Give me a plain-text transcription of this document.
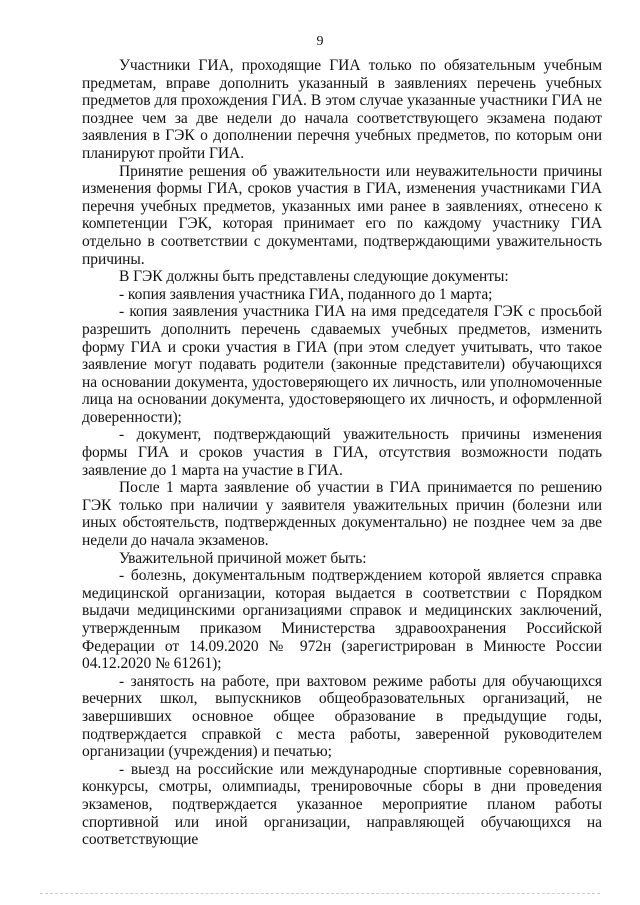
9

Участники ГИА, проходящие ГИА только по обязательным учебным предметам, вправе дополнить указанный в заявлениях перечень учебных предметов для прохождения ГИА. В этом случае указанные участники ГИА не позднее чем за две недели до начала соответствующего экзамена подают заявления в ГЭК о дополнении перечня учебных предметов, по которым они планируют пройти ГИА.

Принятие решения об уважительности или неуважительности причины изменения формы ГИА, сроков участия в ГИА, изменения участниками ГИА перечня учебных предметов, указанных ими ранее в заявлениях, отнесено к компетенции ГЭК, которая принимает его по каждому участнику ГИА отдельно в соответствии с документами, подтверждающими уважительность причины.

В ГЭК должны быть представлены следующие документы:

- копия заявления участника ГИА, поданного до 1 марта;

- копия заявления участника ГИА на имя председателя ГЭК с просьбой разрешить дополнить перечень сдаваемых учебных предметов, изменить форму ГИА и сроки участия в ГИА (при этом следует учитывать, что такое заявление могут подавать родители (законные представители) обучающихся на основании документа, удостоверяющего их личность, или уполномоченные лица на основании документа, удостоверяющего их личность, и оформленной доверенности);

- документ, подтверждающий уважительность причины изменения формы ГИА и сроков участия в ГИА, отсутствия возможности подать заявление до 1 марта на участие в ГИА.

После 1 марта заявление об участии в ГИА принимается по решению ГЭК только при наличии у заявителя уважительных причин (болезни или иных обстоятельств, подтвержденных документально) не позднее чем за две недели до начала экзаменов.

Уважительной причиной может быть:

- болезнь, документальным подтверждением которой является справка медицинской организации, которая выдается в соответствии с Порядком выдачи медицинскими организациями справок и медицинских заключений, утвержденным приказом Министерства здравоохранения Российской Федерации от 14.09.2020 № 972н (зарегистрирован в Минюсте России 04.12.2020 № 61261);

- занятость на работе, при вахтовом режиме работы для обучающихся вечерних школ, выпускников общеобразовательных организаций, не завершивших основное общее образование в предыдущие годы, подтверждается справкой с места работы, заверенной руководителем организации (учреждения) и печатью;

- выезд на российские или международные спортивные соревнования, конкурсы, смотры, олимпиады, тренировочные сборы в дни проведения экзаменов, подтверждается указанное мероприятие планом работы спортивной или иной организации, направляющей обучающихся на соответствующие
